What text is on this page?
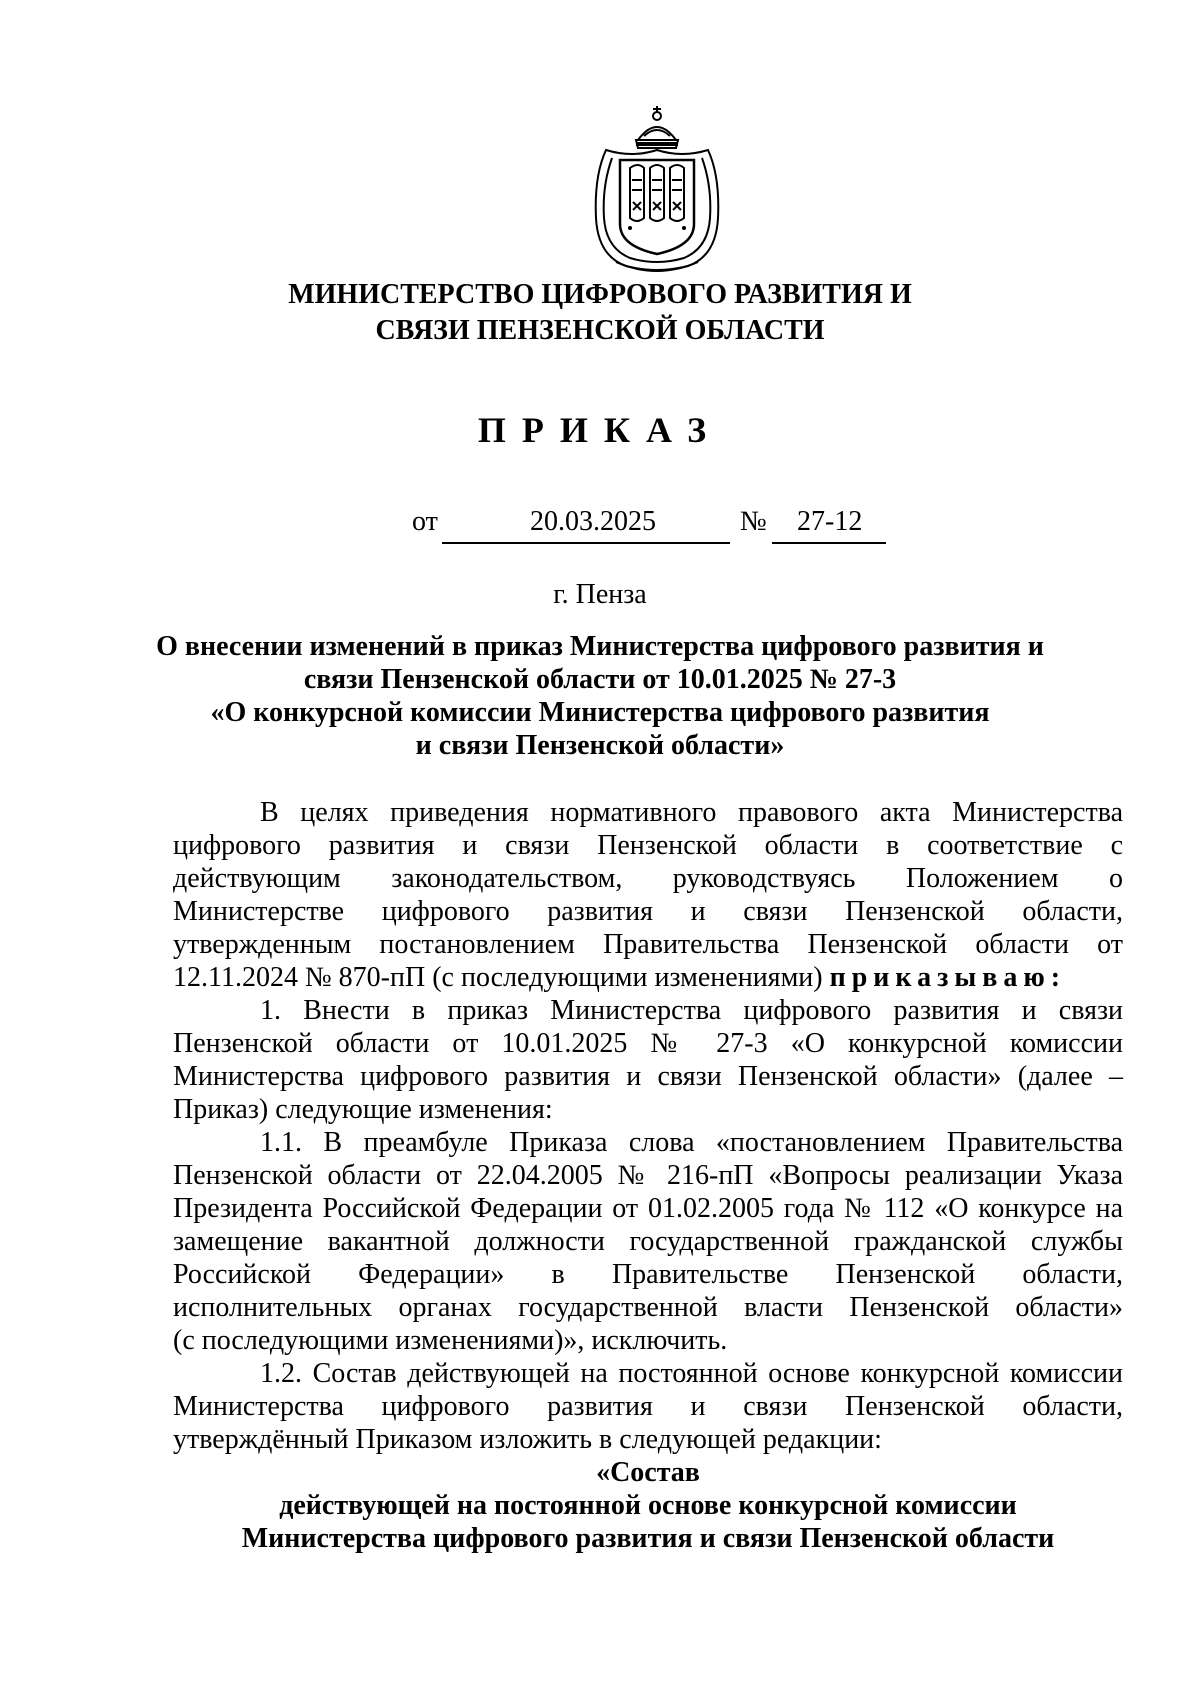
МИНИСТЕРСТВО ЦИФРОВОГО РАЗВИТИЯ И
СВЯЗИ ПЕНЗЕНСКОЙ ОБЛАСТИ
ПРИКАЗ
от	20.03.2025	№ 27-12
г. Пенза
О внесении изменений в приказ Министерства цифрового развития и
связи Пензенской области от 10.01.2025 № 27-3
«О конкурсной комиссии Министерства цифрового развития
и связи Пензенской области»
В целях приведения нормативного правового акта Министерства
цифрового развития и связи Пензенской области в соответствие с
действующим законодательством, руководствуясь Положением о
Министерстве цифрового развития и связи Пензенской области,
утвержденным постановлением Правительства Пензенской области от
12.11.2024 № 870-пП (с последующими изменениями) приказываю:
1. Внести в приказ Министерства цифрового развития и связи
Пензенской области от 10.01.2025 № 27-3 «О конкурсной комиссии
Министерства цифрового развития и связи Пензенской области» (далее –
Приказ) следующие изменения:
1.1. В преамбуле Приказа слова «постановлением Правительства
Пензенской области от 22.04.2005 № 216-пП «Вопросы реализации Указа
Президента Российской Федерации от 01.02.2005 года № 112 «О конкурсе на
замещение вакантной должности государственной гражданской службы
Российской Федерации» в Правительстве Пензенской области,
исполнительных органах государственной власти Пензенской области»
(с последующими изменениями)», исключить.
1.2. Состав действующей на постоянной основе конкурсной комиссии
Министерства цифрового развития и связи Пензенской области,
утверждённый Приказом изложить в следующей редакции:
«Состав
действующей на постоянной основе конкурсной комиссии
Министерства цифрового развития и связи Пензенской области
